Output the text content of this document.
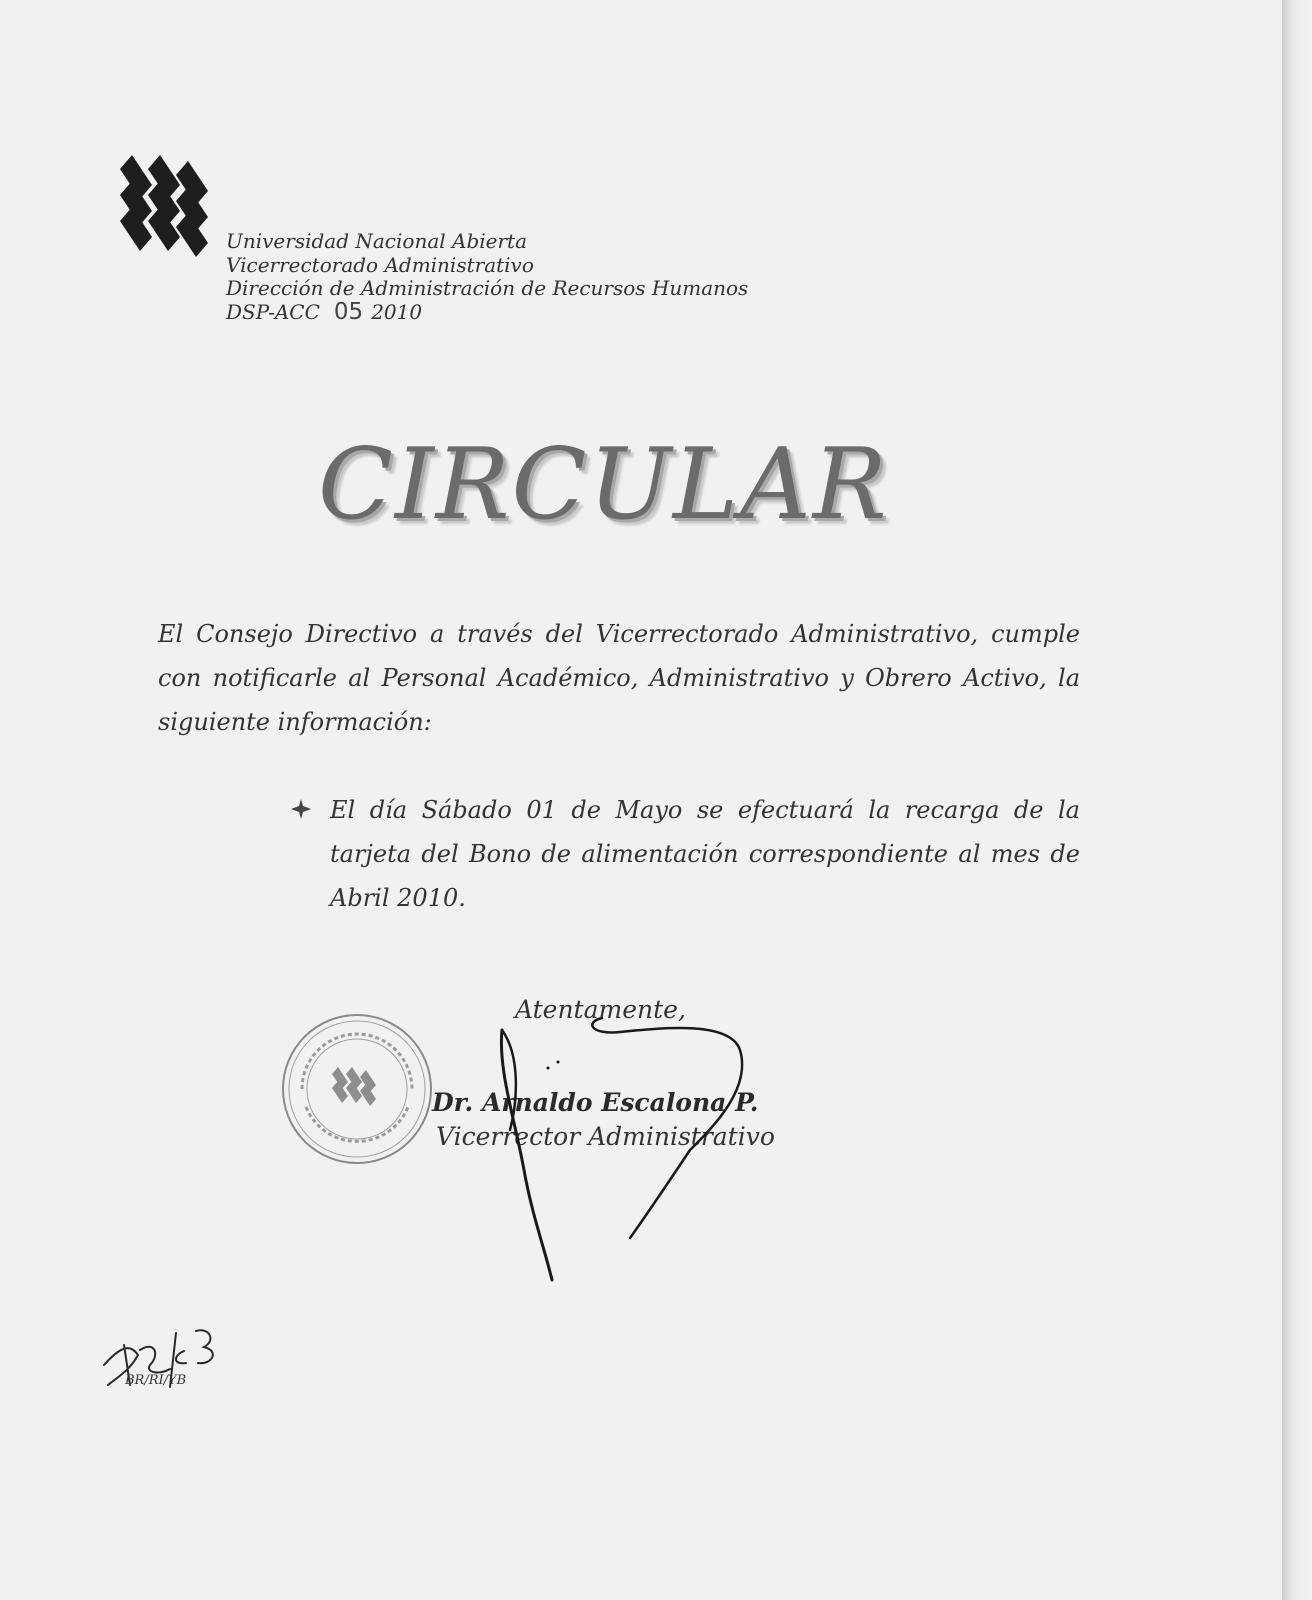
Universidad Nacional Abierta
Vicerrectorado Administrativo
Dirección de Administración de Recursos Humanos
DSP-ACC 05 2010
CIRCULAR
El Consejo Directivo a través del Vicerrectorado Administrativo, cumple con notificarle al Personal Académico, Administrativo y Obrero Activo, la siguiente información:
El día Sábado 01 de Mayo se efectuará la recarga de la tarjeta del Bono de alimentación correspondiente al mes de Abril 2010.
Atentamente,
Dr. Arnaldo Escalona P.
Vicerrector Administrativo
BR/RI/YB
